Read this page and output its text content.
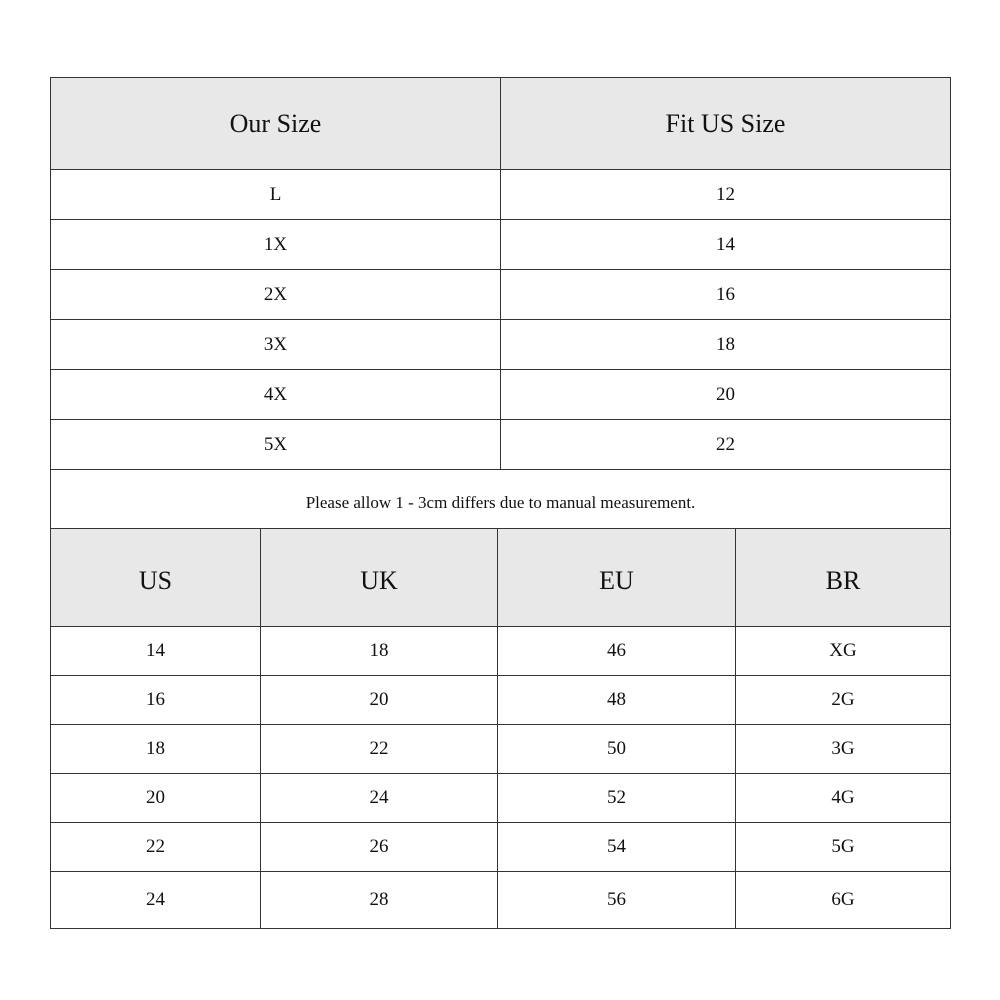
Our Size	Fit US Size
L	12
1X	14
2X	16
3X	18
4X	20
5X	22
Please allow 1 - 3cm differs due to manual measurement.	
US	UK	EU	BR
14	18	46	XG
16	20	48	2G
18	22	50	3G
20	24	52	4G
22	26	54	5G
24	28	56	6G
